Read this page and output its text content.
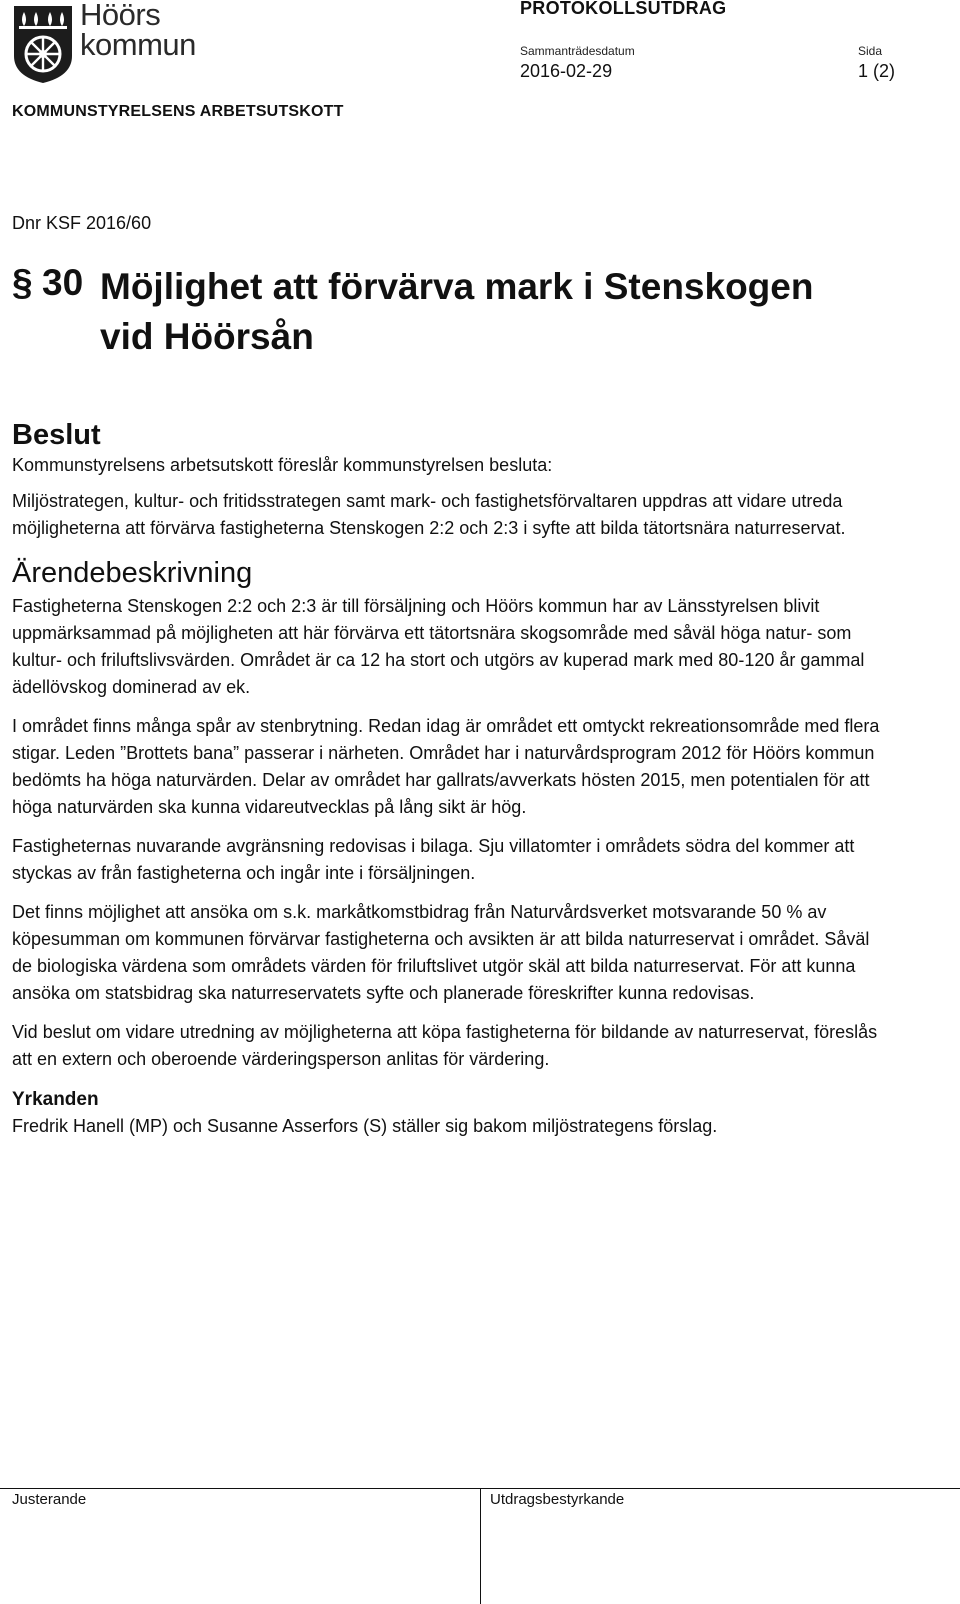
Höörs
kommun
PROTOKOLLSUTDRAG
Sammanträdesdatum
2016-02-29
Sida
1 (2)
KOMMUNSTYRELSENS ARBETSUTSKOTT
Dnr KSF 2016/60
§ 30 Möjlighet att förvärva mark i Stenskogen
vid Höörsån
Beslut

Kommunstyrelsens arbetsutskott föreslår kommunstyrelsen besluta:

Miljöstrategen, kultur- och fritidsstrategen samt mark- och fastighetsförvaltaren uppdras att vidare utreda möjligheterna att förvärva fastigheterna Stenskogen 2:2 och 2:3 i syfte att bilda tätortsnära naturreservat.

Ärendebeskrivning

Fastigheterna Stenskogen 2:2 och 2:3 är till försäljning och Höörs kommun har av Länsstyrelsen blivit uppmärksammad på möjligheten att här förvärva ett tätortsnära skogsområde med såväl höga natur- som kultur- och friluftslivsvärden. Området är ca 12 ha stort och utgörs av kuperad mark med 80-120 år gammal ädellövskog dominerad av ek.

I området finns många spår av stenbrytning. Redan idag är området ett omtyckt rekreationsområde med flera stigar. Leden ”Brottets bana” passerar i närheten. Området har i naturvårdsprogram 2012 för Höörs kommun bedömts ha höga naturvärden. Delar av området har gallrats/avverkats hösten 2015, men potentialen för att höga naturvärden ska kunna vidareutvecklas på lång sikt är hög.

Fastigheternas nuvarande avgränsning redovisas i bilaga. Sju villatomter i områdets södra del kommer att styckas av från fastigheterna och ingår inte i försäljningen.

Det finns möjlighet att ansöka om s.k. markåtkomstbidrag från Naturvårdsverket motsvarande 50 % av köpesumman om kommunen förvärvar fastigheterna och avsikten är att bilda naturreservat i området. Såväl de biologiska värdena som områdets värden för friluftslivet utgör skäl att bilda naturreservat. För att kunna ansöka om statsbidrag ska naturreservatets syfte och planerade föreskrifter kunna redovisas.

Vid beslut om vidare utredning av möjligheterna att köpa fastigheterna för bildande av naturreservat, föreslås att en extern och oberoende värderingsperson anlitas för värdering.

Yrkanden

Fredrik Hanell (MP) och Susanne Asserfors (S) ställer sig bakom miljöstrategens förslag.

Justerande	Utdragsbestyrkande
